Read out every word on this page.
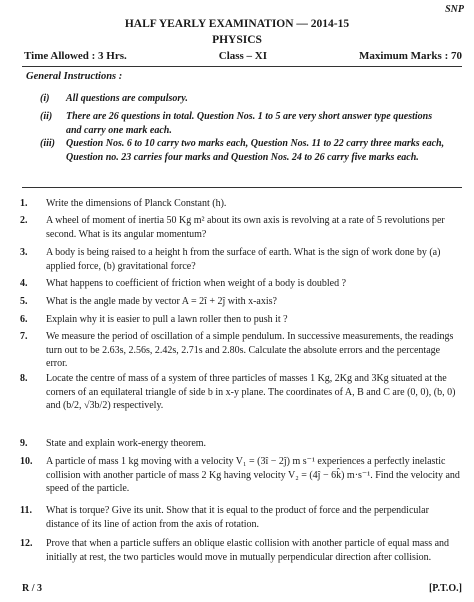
SNP
HALF YEARLY EXAMINATION — 2014-15
PHYSICS
Time Allowed : 3 Hrs.	Class – XI	Maximum Marks : 70
General Instructions :
(i)	All questions are compulsory.
(ii)	There are 26 questions in total. Question Nos. 1 to 5 are very short answer type questions and carry one mark each.
(iii)	Question Nos. 6 to 10 carry two marks each, Question Nos. 11 to 22 carry three marks each, Question no. 23 carries four marks and Question Nos. 24 to 26 carry five marks each.
1.	Write the dimensions of Planck Constant (h).
2.	A wheel of moment of inertia 50 Kg m² about its own axis is revolving at a rate of 5 revolutions per second. What is its angular momentum?
3.	A body is being raised to a height h from the surface of earth. What is the sign of work done by (a) applied force, (b) gravitational force?
4.	What happens to coefficient of friction when weight of a body is doubled ?
5.	What is the angle made by vector A = 2î + 2ĵ with x-axis?
6.	Explain why it is easier to pull a lawn roller then to push it ?
7.	We measure the period of oscillation of a simple pendulum. In successive measurements, the readings turn out to be 2.63s, 2.56s, 2.42s, 2.71s and 2.80s. Calculate the absolute errors and the percentage error.
8.	Locate the centre of mass of a system of three particles of masses 1 Kg, 2Kg and 3Kg situated at the corners of an equilateral triangle of side b in x-y plane. The coordinates of A, B and C are (0, 0), (b, 0) and (b/2, √3b/2) respectively.
9.	State and explain work-energy theorem.
10.	A particle of mass 1 kg moving with a velocity V₁ = (3î − 2ĵ) m s⁻¹ experiences a perfectly inelastic collision with another particle of mass 2 Kg having velocity V₂ = (4ĵ − 6k̂) m·s⁻¹. Find the velocity and speed of the particle.
11.	What is torque? Give its unit. Show that it is equal to the product of force and the perpendicular distance of its line of action from the axis of rotation.
12.	Prove that when a particle suffers an oblique elastic collision with another particle of equal mass and initially at rest, the two particles would move in mutually perpendicular direction after collision.
R / 3	[P.T.O.]
